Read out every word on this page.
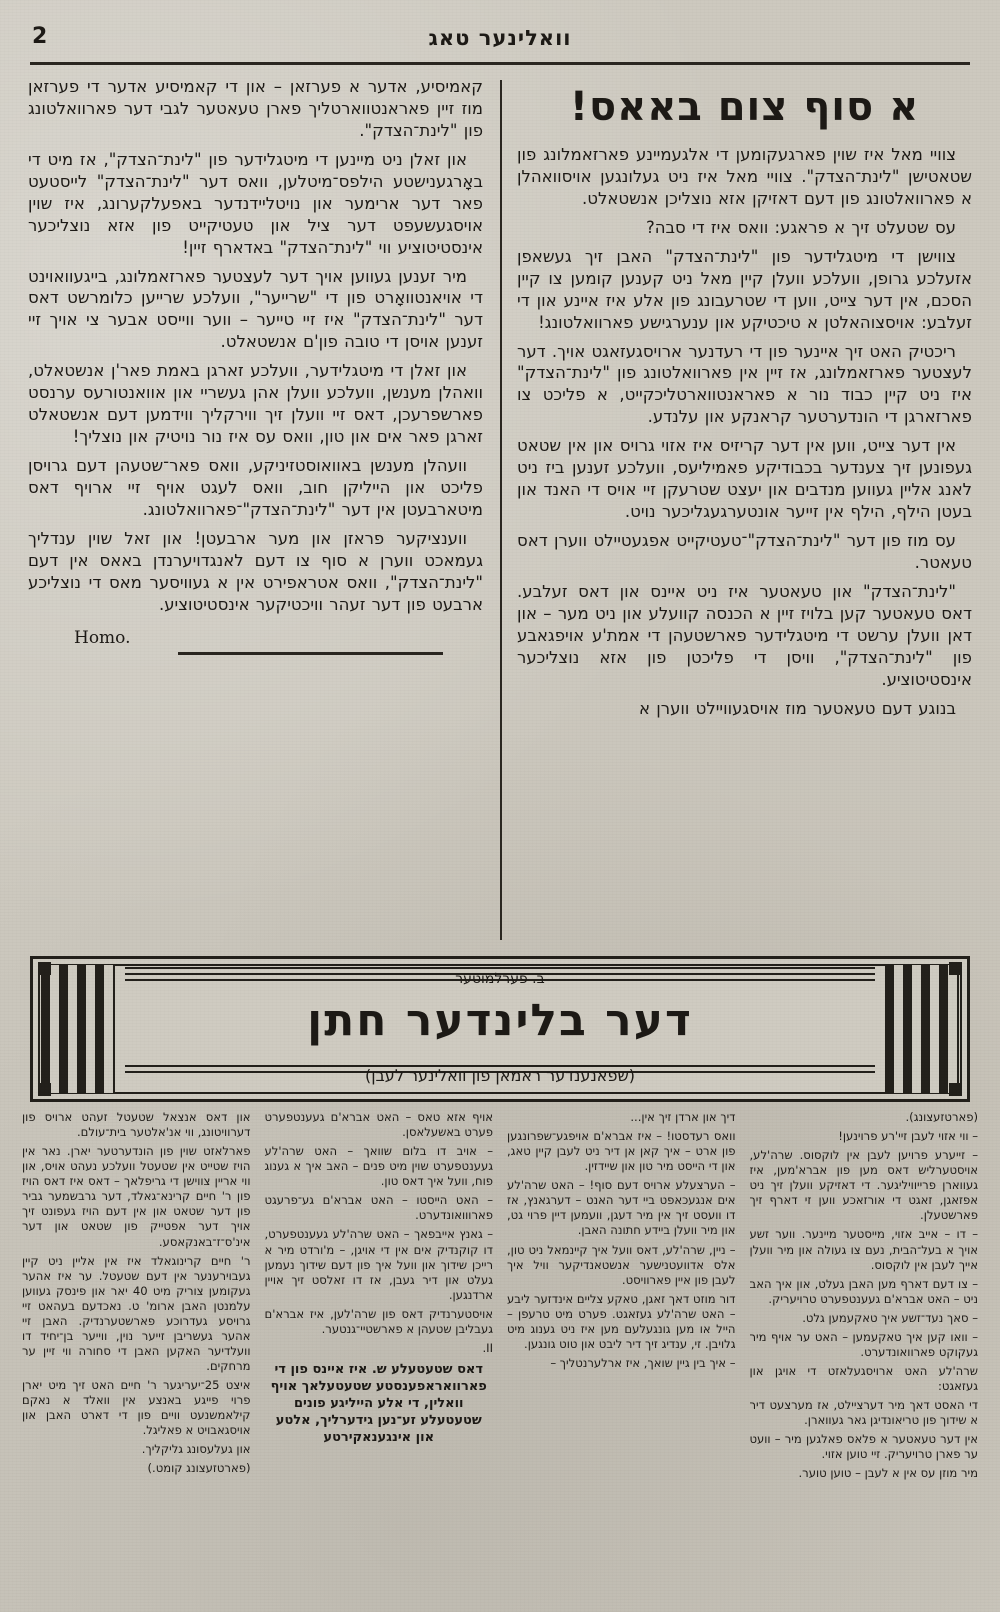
וואלינער טאג
2
א סוף צום באאס!

צוויי מאל איז שוין פארגעקומען די אלגעמיינע פארזאמלונג פון שטאטישן "לינת־הצדק". צוויי מאל איז ניט געלונגען אויסוואהלן א פארוואלטונג פון דעם דאזיקן אזא נוצליכן אנשטאלט.

עס שטעלט זיך א פראגע: וואס איז די סבה?

צווישן די מיטגלידער פון "לינת־הצדק" האבן זיך געשאפן אזעלכע גרופן, וועלכע וועלן קיין מאל ניט קענען קומען צו קיין הסכם, אין דער צייט, ווען די שטרעבונג פון אלע איז איינע און די זעלבע: אויסצוהאלטן א טיכטיקע און ענערגישע פארוואלטונג!

ריכטיק האט זיך איינער פון די רעדנער ארויסגעזאגט אויך. דער לעצטער פארזאמלונג, אז זיין אין פארוואלטונג פון "לינת־הצדק" איז ניט קיין כבוד נור א פאראנטווארטליכקייט, א פליכט צו פארזארגן די הונדערטער קראנקע און עלנדע.

אין דער צייט, ווען אין דער קריזיס איז אזוי גרויס און אין שטאט געפונען זיך צענדער בכבודיקע פאמיליעס, וועלכע זענען ביז ניט לאנג אליין געווען מנדבים און יעצט שטרעקן זיי אויס די האנד און בעטן הילף, הילף אין זייער אונטערגעגליכער נויט.

עס מוז פון דער "לינת־הצדק"־טעטיקייט אפגעטיילט ווערן דאס טעאטר.

"לינת־הצדק" און טעאטער איז ניט איינס און דאס זעלבע. דאס טעאטער קען בלויז זיין א הכנסה קוועלע און ניט מער – און דאן וועלן ערשט די מיטגלידער פארשטעהן די אמת'ע אויפגאבע פון "לינת־הצדק", וויסן די פליכטן פון אזא נוצליכער אינסטיטוציע.

בנוגע דעם טעאטער מוז אויסגעוויילט ווערן א

קאמיסיע, אדער א פערזאן – און די קאמיסיע אדער די פערזאן מוז זיין פאראנטווארטליך פארן טעאטער לגבי דער פארוואלטונג פון "לינת־הצדק".

און זאלן ניט מיינען די מיטגלידער פון "לינת־הצדק", אז מיט די באָרגענישטע הילפס־מיטלען, וואס דער "לינת־הצדק" לייסטעט פאר דער ארימער און נויטליידנדער באפעלקערונג, איז שוין אויסגעשעפט דער ציל און טעטיקייט פון אזא נוצליכער אינסטיטוציע ווי "לינת־הצדק" באדארף זיין!

מיר זענען געווען אויך דער לעצטער פארזאמלונג, בייגעוואוינט די אויאנטוואָרט פון די "שרייער", וועלכע שרייען כלומרשט דאס דער "לינת־הצדק" איז זיי טייער – ווער ווייסט אבער צי אויך זיי זענען אויסן די טובה פון'ם אנשטאלט.

און זאלן די מיטגלידער, וועלכע זארגן באמת פאר'ן אנשטאלט, וואהלן מענשן, וועלכע וועלן אהן געשריי און אוואנטורעס ערנסט פארשפרעכן, דאס זיי וועלן זיך ווירקליך ווידמען דעם אנשטאלט זארגן פאר אים און טון, וואס עס איז נור נויטיק און נוצליך!

וועהלן מענשן באוואוסטזיניקע, וואס פאר־שטעהן דעם גרויסן פליכט און הייליקן חוב, וואס לעגט אויף זיי ארויף דאס מיטארבעטן אין דער "לינת־הצדק"־פארוואלטונג.

ווענציקער פראזן און מער ארבעטן! און זאל שוין ענדליך געמאכט ווערן א סוף צו דעם לאנגדויערנדן באאס אין דעם "לינת־הצדק", וואס אטראפירט אין א געוויסער מאס די נוצליכע ארבעט פון דער זעהר וויכטיקער אינסטיטוציע.

Homo.
ב. פערלמוטער
דער בלינדער חתן
(שפאנענדער ראמאן פון וואלינער לעבן)

(פארטזעצונג).

– ווי אזוי לעבן זיי'רע פרוינען!

– זייערע פרויען לעבן אין לוקסוס. שרה'לע, אויסטערליש דאס מען פון אברא'מען, איז געווארן פרייוויליגער. די דאזיקע וועלן זיך ניט אפזאגן, זאגט די אורזאכע ווען זי דארף זיך פארשטעלן.

– דו – אייב אזוי, מייסטער מיינער. ווער זשע אויך א בעל־הבית, נעם צו געולה און מיר וועלן אייך לעבן אין לוקסוס.

– צו דעם דארף מען האבן געלט, און איך האב ניט – האט אברא'ם געענטפערט טרויעריק.

– סאך נעד־זשע איך טאקעמען גלט.

– וואו קען איך טאקעמען – האט ער אויף מיר געקוקט פארוואונדערט.

שרה'לע האט ארויסגעלאזט די אויגן און געזאגט:

די האסט דאך מיר דערציילט, אז מערצעט דיר א שידוך פון טריאונדיגן גאר געווארן.

אין דער טעאטער א פלאס פאלגען מיר – וועט ער פארן טרויעריק. זיי טוען אזוי.

מיר מוזן עס אין א לעבן – טוען טוער.

דיך און ארדן זיך אין...

וואס רעדסטו! – איז אברא'ם אויפגע־שפרונגען פון ארט – איך קאן אן דיר ניט לעבן קיין טאג, און די הייסט מיר טון און שיידזין.

– הערצעלע ארויס דעם סוף! – האט שרה'לע אים אנגעכאפט ביי דער האנט – דערגאנץ, אז דו וועסט זיך אין מיר דעגן, וועמען דיין פרוי גט, און מיר וועלן ביידע חתונה האבן.

– ניין, שרה'לע, דאס וועל איך קיינמאל ניט טון, אלס אדוועטנישער אנשטאנדיקער וויל איך לעבן פון איין פארוויסט.

דור מוזט דאך זאגן, טאקע צליים אינדזער ליבע – האט שרה'לע געזאגט. פערט מיט טרעפן – הייל או מען גונגעלעם מען איז ניט גענוג מיט גלויבן. זי, ענדיג זיך דיר ליבט און טוט גונגען.

– איך בין גיין שואך, איז ארלערנטליך –

אויף אזא טאס – האט אברא'ם געענטפערט פערט באשעלאסן.

– אויב דו בלום שוואך – האט שרה'לע געענטפערט שוין מיט פנים – האב איך א גענוג פוח, וועל איך דאס טון.

– האט הייסטו – האט אברא'ם גע־פרעגט פארווואונדערט.

– גאנץ אייבפאך – האט שרה'לע געענטפערט, דו קוקנדיק אים אין די אויגן, – מ'ורדט מיר א רייכן שידוך און וועל איך פון דעם שידוך נעמען געלט און דיר געבן, אז דו זאלסט זיך אויין ארדנגען.

אויסטערנדיק דאס פון שרה'לען, איז אברא'ם געבליבן שטעהן א פארשטיי־גנטער.

II.

דאס שטעטעלע ש. איז איינס פון די פארוואראפענסטע שטעטעלאך אויף וואלין, די אלע הייליגע פונים שטעטעלע זע־נען גידערליך, אלטע און אינגענאקירטע

און דאס אנצאל שטעטל זעהט ארויס פון דערוויטונג, ווי אנ'אלטער בית־עולם.

פארלאזט שוין פון הונדערטער יארן. נאר אין הויז שטייט אין שטעטל וועלכע נעהט אויס, און ווי אריין צווישן די גריפלאך – דאס איז דאס הויז פון ר' חיים קרינא־גאלד, דער גרבשמער גביר פון דער שטאט און אין דעם הויז געפונט זיך אויך דער אפטייק פון שטאט און דער אינ'ס־ז־באנקאסע.

ר' חיים קרינוגאלד איז אין אליין ניט קיין געבוירענער אין דעם שטעטל. ער איז אהער געקומען צוריק מיט 40 יאר און פינסק געווען עלמנטן האבן ארומ' ט. נאכדעם בעהאט זיי גרויסע געדרוכע פארשטערנדיק. האבן זיי אהער געשריבן זייער נוין, ווייער בן־יחיד דו וועלדיער האקען האבן די סחורה ווי זיין ער מרחקים.

איצט 25־יעריגער ר' חיים האט זיך מיט יארן פרוי פייגע באנצע אין וואלד א נאקם קילאמשנעט וויים פון די דארט האבן און אויסגאבויט א פאליגל.

און געלעסונג גליקליך.

(פארטזעצונג קומט.)
